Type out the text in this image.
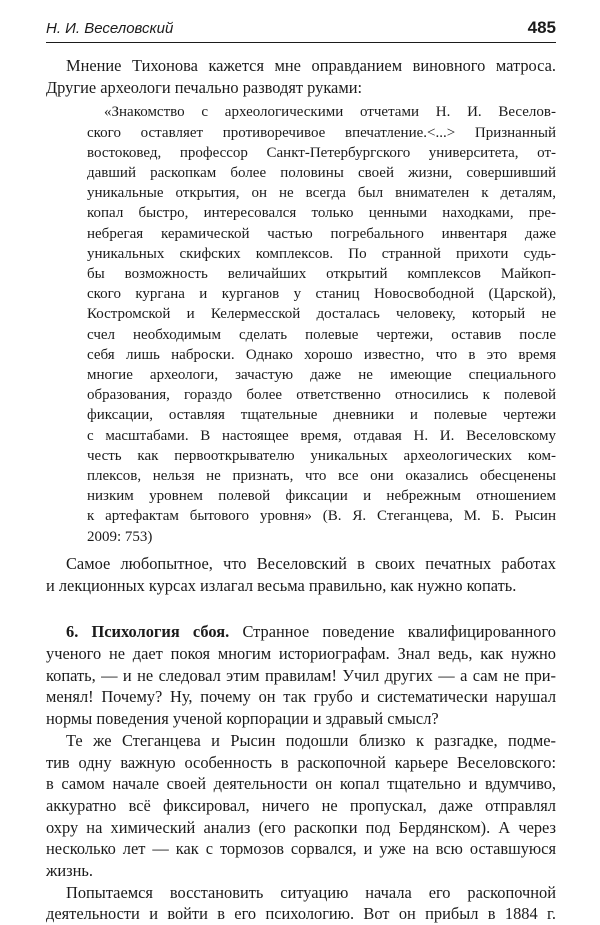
Н. И. Веселовский	485

Мнение Тихонова кажется мне оправданием виновного матроса.

Другие археологи печально разводят руками:

«Знакомство с археологическими отчетами Н. И. Веселов-

ского оставляет противоречивое впечатление.<...> Признанный

востоковед, профессор Санкт-Петербургского университета, от-

давший раскопкам более половины своей жизни, совершивший

уникальные открытия, он не всегда был внимателен к деталям,

копал быстро, интересовался только ценными находками, пре-

небрегая керамической частью погребального инвентаря даже

уникальных скифских комплексов. По странной прихоти судь-

бы возможность величайших открытий комплексов Майкоп-

ского кургана и курганов у станиц Новосвободной (Царской),

Костромской и Келермесской досталась человеку, который не

счел необходимым сделать полевые чертежи, оставив после

себя лишь наброски. Однако хорошо известно, что в это время

многие археологи, зачастую даже не имеющие специального

образования, гораздо более ответственно относились к полевой

фиксации, оставляя тщательные дневники и полевые чертежи

с масштабами. В настоящее время, отдавая Н. И. Веселовскому

честь как первооткрывателю уникальных археологических ком-

плексов, нельзя не признать, что все они оказались обесценены

низким уровнем полевой фиксации и небрежным отношением

к артефактам бытового уровня» (В. Я. Стеганцева, М. Б. Рысин

2009: 753)

Самое любопытное, что Веселовский в своих печатных работах

и лекционных курсах излагал весьма правильно, как нужно копать.

6. Психология сбоя. Странное поведение квалифицированного

ученого не дает покоя многим историографам. Знал ведь, как нужно

копать, — и не следовал этим правилам! Учил других — а сам не при-

менял! Почему? Ну, почему он так грубо и систематически нарушал

нормы поведения ученой корпорации и здравый смысл?

Те же Стеганцева и Рысин подошли близко к разгадке, подме-

тив одну важную особенность в раскопочной карьере Веселовского:

в самом начале своей деятельности он копал тщательно и вдумчиво,

аккуратно всё фиксировал, ничего не пропускал, даже отправлял

охру на химический анализ (его раскопки под Бердянском). А через

несколько лет — как с тормозов сорвался, и уже на всю оставшуюся

жизнь.

Попытаемся восстановить ситуацию начала его раскопочной

деятельности и войти в его психологию. Вот он прибыл в 1884 г.
